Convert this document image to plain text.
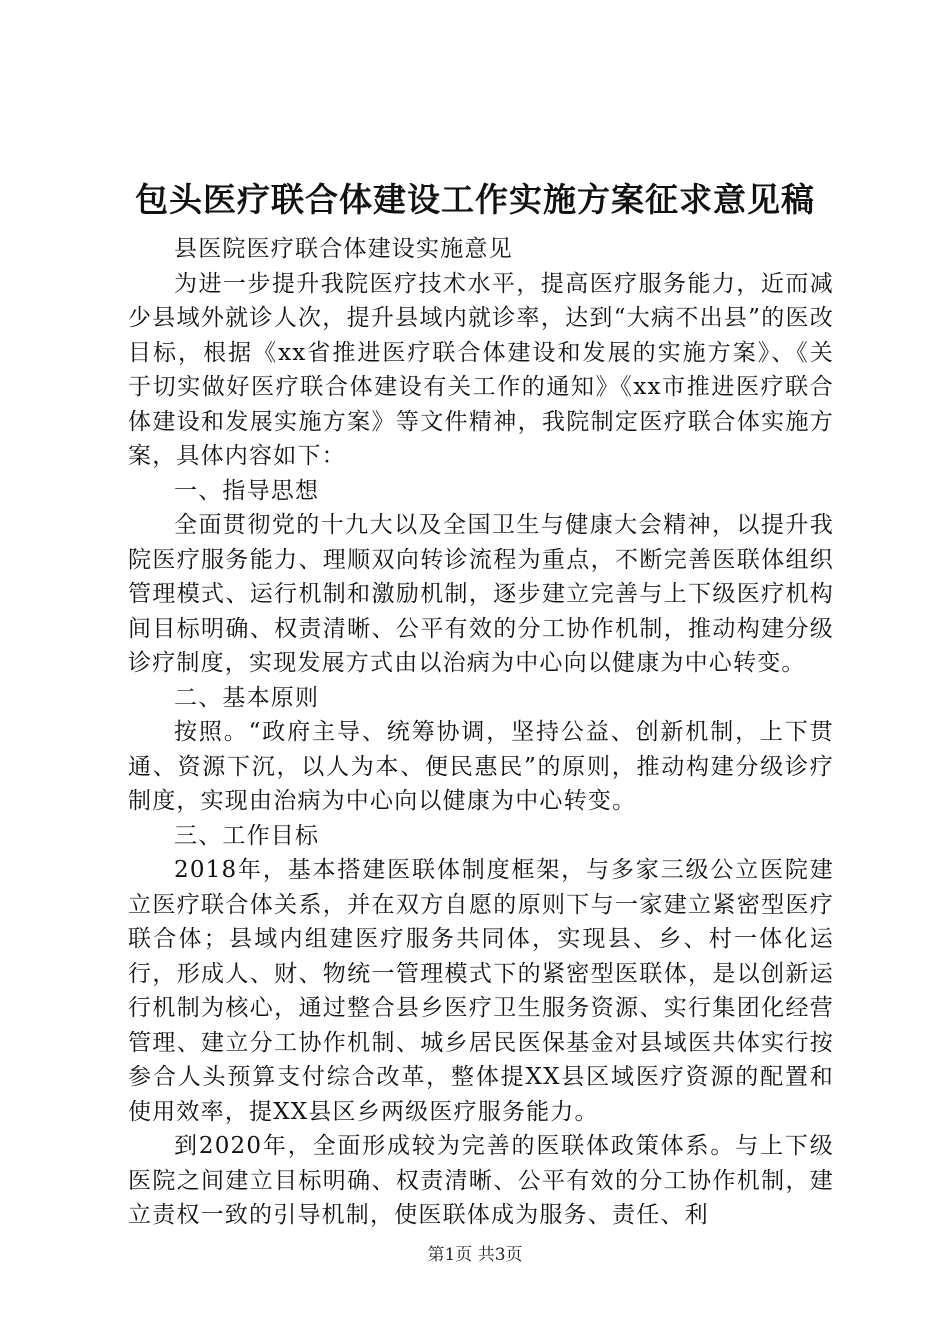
包头医疗联合体建设工作实施方案征求意见稿

县医院医疗联合体建设实施意见

为进一步提升我院医疗技术水平，提高医疗服务能力，近而减少县域外就诊人次，提升县域内就诊率，达到“大病不出县”的医改目标，根据《xx省推进医疗联合体建设和发展的实施方案》、《关于切实做好医疗联合体建设有关工作的通知》《xx市推进医疗联合体建设和发展实施方案》等文件精神，我院制定医疗联合体实施方案，具体内容如下：

一、指导思想

全面贯彻党的十九大以及全国卫生与健康大会精神，以提升我院医疗服务能力、理顺双向转诊流程为重点，不断完善医联体组织管理模式、运行机制和激励机制，逐步建立完善与上下级医疗机构间目标明确、权责清晰、公平有效的分工协作机制，推动构建分级诊疗制度，实现发展方式由以治病为中心向以健康为中心转变。

二、基本原则

按照。“政府主导、统筹协调，坚持公益、创新机制，上下贯通、资源下沉，以人为本、便民惠民”的原则，推动构建分级诊疗制度，实现由治病为中心向以健康为中心转变。

三、工作目标

2018年，基本搭建医联体制度框架，与多家三级公立医院建立医疗联合体关系，并在双方自愿的原则下与一家建立紧密型医疗联合体；县域内组建医疗服务共同体，实现县、乡、村一体化运行，形成人、财、物统一管理模式下的紧密型医联体，是以创新运行机制为核心，通过整合县乡医疗卫生服务资源、实行集团化经营管理、建立分工协作机制、城乡居民医保基金对县域医共体实行按参合人头预算支付综合改革，整体提XX县区域医疗资源的配置和使用效率，提XX县区乡两级医疗服务能力。

到2020年，全面形成较为完善的医联体政策体系。与上下级医院之间建立目标明确、权责清晰、公平有效的分工协作机制，建立责权一致的引导机制，使医联体成为服务、责任、利

第1页 共3页
